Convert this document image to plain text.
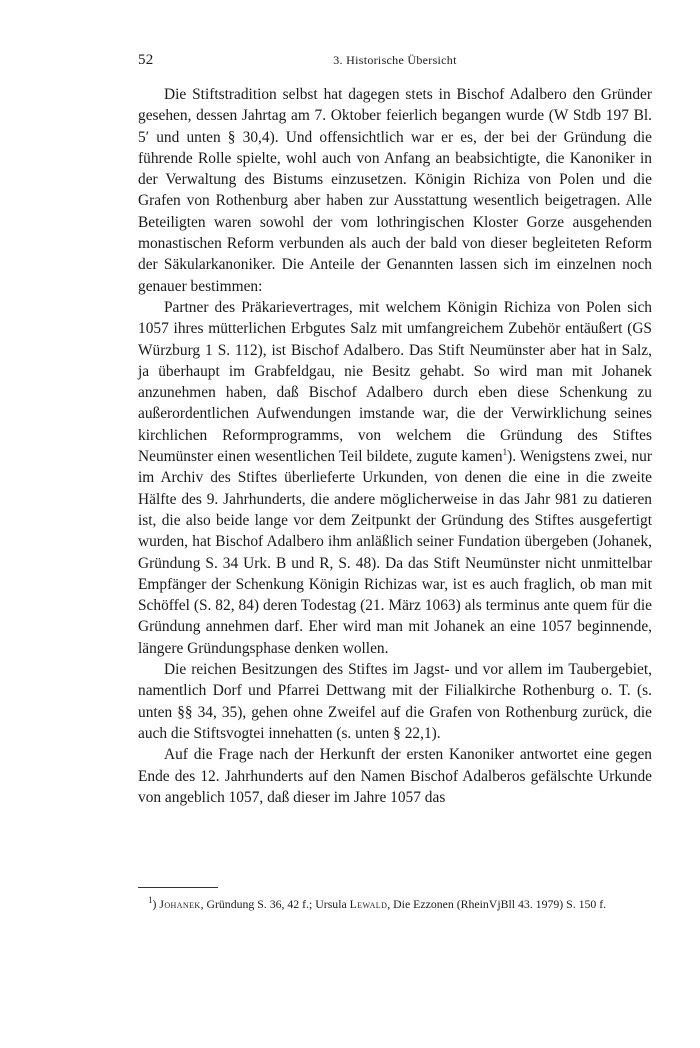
52	3. Historische Übersicht

Die Stiftstradition selbst hat dagegen stets in Bischof Adalbero den Gründer gesehen, dessen Jahrtag am 7. Oktober feierlich begangen wurde (W Stdb 197 Bl. 5′ und unten § 30,4). Und offensichtlich war er es, der bei der Gründung die führende Rolle spielte, wohl auch von Anfang an beabsichtigte, die Kanoniker in der Verwaltung des Bistums einzusetzen. Königin Richiza von Polen und die Grafen von Rothenburg aber haben zur Ausstattung wesentlich beigetragen. Alle Beteiligten waren sowohl der vom lothringischen Kloster Gorze ausgehenden monastischen Reform verbunden als auch der bald von dieser begleiteten Reform der Säkularkanoniker. Die Anteile der Genannten lassen sich im einzelnen noch genauer bestimmen:

Partner des Präkarievertrages, mit welchem Königin Richiza von Polen sich 1057 ihres mütterlichen Erbgutes Salz mit umfangreichem Zubehör entäußert (GS Würzburg 1 S. 112), ist Bischof Adalbero. Das Stift Neumünster aber hat in Salz, ja überhaupt im Grabfeldgau, nie Besitz gehabt. So wird man mit Johanek anzunehmen haben, daß Bischof Adalbero durch eben diese Schenkung zu außerordentlichen Aufwendungen imstande war, die der Verwirklichung seines kirchlichen Reformprogramms, von welchem die Gründung des Stiftes Neumünster einen wesentlichen Teil bildete, zugute kamen$^1$). Wenigstens zwei, nur im Archiv des Stiftes überlieferte Urkunden, von denen die eine in die zweite Hälfte des 9. Jahrhunderts, die andere möglicherweise in das Jahr 981 zu datieren ist, die also beide lange vor dem Zeitpunkt der Gründung des Stiftes ausgefertigt wurden, hat Bischof Adalbero ihm anläßlich seiner Fundation übergeben (Johanek, Gründung S. 34 Urk. B und R, S. 48). Da das Stift Neumünster nicht unmittelbar Empfänger der Schenkung Königin Richizas war, ist es auch fraglich, ob man mit Schöffel (S. 82, 84) deren Todestag (21. März 1063) als terminus ante quem für die Gründung annehmen darf. Eher wird man mit Johanek an eine 1057 beginnende, längere Gründungsphase denken wollen.

Die reichen Besitzungen des Stiftes im Jagst- und vor allem im Taubergebiet, namentlich Dorf und Pfarrei Dettwang mit der Filialkirche Rothenburg o. T. (s. unten §§ 34, 35), gehen ohne Zweifel auf die Grafen von Rothenburg zurück, die auch die Stiftsvogtei innehatten (s. unten § 22,1).

Auf die Frage nach der Herkunft der ersten Kanoniker antwortet eine gegen Ende des 12. Jahrhunderts auf den Namen Bischof Adalberos gefälschte Urkunde von angeblich 1057, daß dieser im Jahre 1057 das

$^1$) Johanek, Gründung S. 36, 42 f.; Ursula Lewald, Die Ezzonen (RheinVjBll 43. 1979) S. 150 f.
